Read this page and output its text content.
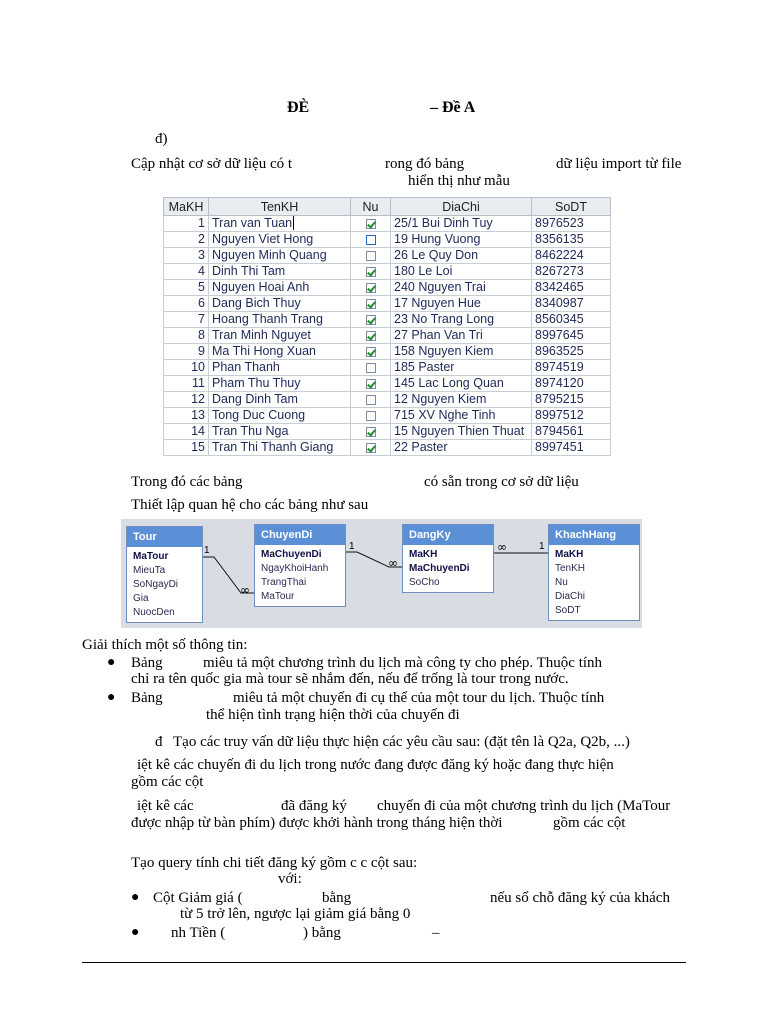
ĐÈ	– Đề A
đ)
Cập nhật cơ sở dữ liệu có t	rong đó bảng	dữ liệu import từ file
hiển thị như mẫu
MaKH	TenKH	Nu	DiaChi	SoDT
1	Tran van Tuan		25/1 Bui Dinh Tuy	8976523
2	Nguyen Viet Hong		19 Hung Vuong	8356135
3	Nguyen Minh Quang		26 Le Quy Don	8462224
4	Dinh Thi Tam		180 Le Loi	8267273
5	Nguyen Hoai Anh		240 Nguyen Trai	8342465
6	Dang Bich Thuy		17 Nguyen Hue	8340987
7	Hoang Thanh Trang		23 No Trang Long	8560345
8	Tran Minh Nguyet		27 Phan Van Tri	8997645
9	Ma Thi Hong Xuan		158 Nguyen Kiem	8963525
10	Phan Thanh		185 Paster	8974519
11	Pham Thu Thuy		145 Lac Long Quan	8974120
12	Dang Dinh Tam		12 Nguyen Kiem	8795215
13	Tong Duc Cuong		715 XV Nghe Tinh	8997512
14	Tran Thu Nga		15 Nguyen Thien Thuat	8794561
15	Tran Thi Thanh Giang		22 Paster	8997451
Trong đó các bảng	có sẵn trong cơ sở dữ liệu
Thiết lập quan hệ cho các bảng như sau
1
∞
1
∞
∞	1
Tour
MaTour
MieuTa
SoNgayDi
Gia
NuocDen
ChuyenDi
MaChuyenDi
NgayKhoiHanh
TrangThai
MaTour
DangKy
MaKH
MaChuyenDi
SoCho
KhachHang
MaKH
TenKH
Nu
DiaChi
SoDT
Giải thích một số thông tin:
● Bảng	miêu tả một chương trình du lịch mà công ty cho phép. Thuộc tính
chỉ ra tên quốc gia mà tour sẽ nhắm đến, nếu để trống là tour trong nước.
● Bảng	miêu tả một chuyến đi cụ thể của một tour du lịch. Thuộc tính
thể hiện tình trạng hiện thời của chuyến đi
đ Tạo các truy vấn dữ liệu thực hiện các yêu cầu sau: (đặt tên là Q2a, Q2b, ...)
iệt kê các chuyến đi du lịch trong nước đang được đăng ký hoặc đang thực hiện
gồm các cột
iệt kê các	đã đăng ký chuyến đi của một chương trình du lịch (MaTour
được nhập từ bàn phím) được khởi hành trong tháng hiện thời	gồm các cột
Tạo query tính chi tiết đăng ký gồm c c cột sau:
với:
● Cột Giảm giá (	bằng	nếu số chỗ đăng ký của khách
từ 5 trở lên, ngược lại giảm giá bằng 0
● nh Tiền (	) bằng	–
